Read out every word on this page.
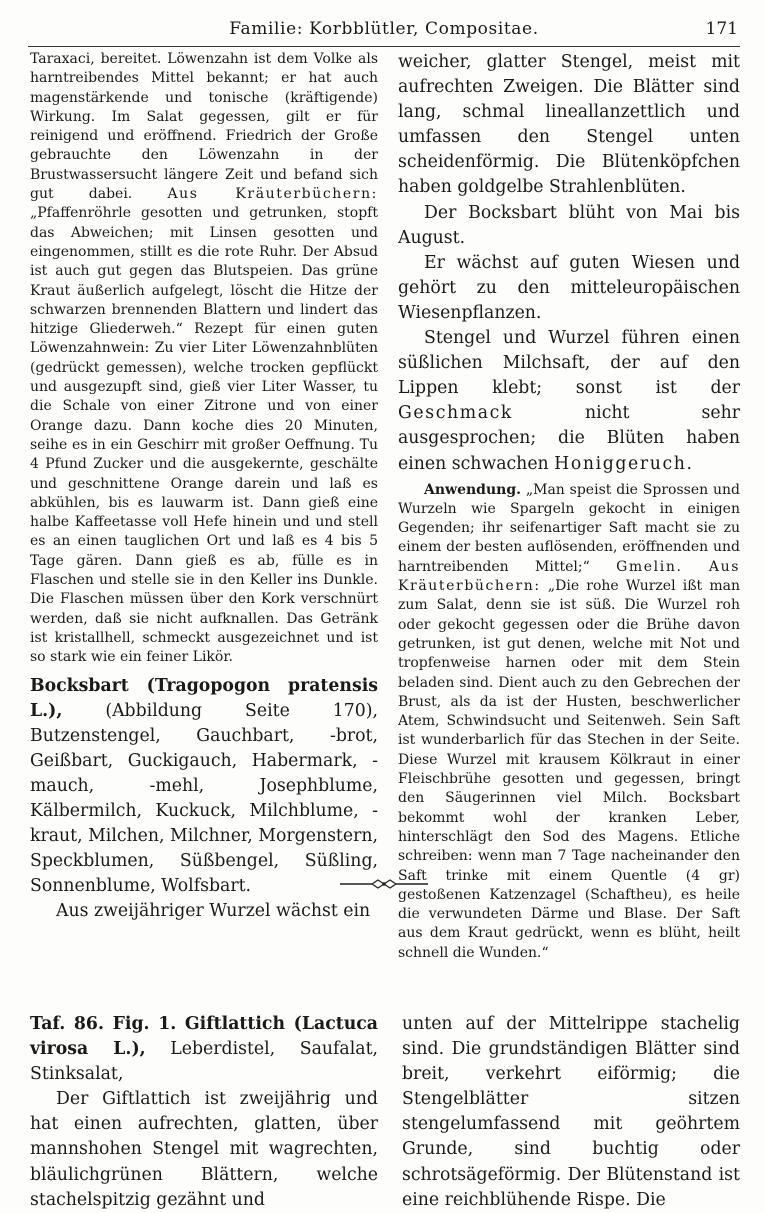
Familie: Korbblütler, Compositae.	171

Taraxaci, bereitet. Löwenzahn ist dem Volke als harntreibendes Mittel bekannt; er hat auch magenstärkende und tonische (kräftigende) Wirkung. Im Salat gegessen, gilt er für reinigend und eröffnend. Friedrich der Große gebrauchte den Löwenzahn in der Brustwassersucht längere Zeit und befand sich gut dabei.	Aus Kräuterbüchern: „Pfaffenröhrle gesotten und getrunken, stopft das Abweichen; mit Linsen gesotten und eingenommen, stillt es die rote Ruhr. Der Absud ist auch gut gegen das Blutspeien. Das grüne Kraut äußerlich aufgelegt, löscht die Hitze der schwarzen brennenden Blattern und lindert das hitzige Gliederweh.“ Rezept für einen guten Löwenzahnwein: Zu vier Liter Löwenzahnblüten (gedrückt gemessen), welche trocken gepflückt und ausgezupft sind, gieß vier Liter Wasser, tu die Schale von einer Zitrone und von einer Orange dazu. Dann koche dies 20 Minuten, seihe es in ein Geschirr mit großer Oeffnung. Tu 4 Pfund Zucker und die ausgekernte, geschälte und geschnittene Orange darein und laß es abkühlen, bis es lauwarm ist. Dann gieß eine halbe Kaffeetasse voll Hefe hinein und und stell es an einen tauglichen Ort und laß es 4 bis 5 Tage gären. Dann gieß es ab, fülle es in Flaschen und stelle sie in den Keller ins Dunkle. Die Flaschen müssen über den Kork verschnürt werden, daß sie nicht aufknallen. Das Getränk ist kristallhell, schmeckt ausgezeichnet und ist so stark wie ein feiner Likör.

Bocksbart (Tragopogon pratensis L.), (Abbildung Seite 170), Butzenstengel, Gauchbart, -brot, Geißbart, Guckigauch, Habermark, -mauch, -mehl, Josephblume, Kälbermilch, Kuckuck, Milchblume, -kraut, Milchen, Milchner, Morgenstern, Speckblumen, Süßbengel, Süßling, Sonnenblume, Wolfsbart.

Aus zweijähriger Wurzel wächst ein

weicher, glatter Stengel, meist mit aufrechten Zweigen. Die Blätter sind lang, schmal lineallanzettlich und umfassen den Stengel unten scheidenförmig. Die Blütenköpfchen haben goldgelbe Strahlenblüten.

Der Bocksbart blüht von Mai bis August.

Er wächst auf guten Wiesen und gehört zu den mitteleuropäischen Wiesenpflanzen.

Stengel und Wurzel führen einen süßlichen Milchsaft, der auf den Lippen klebt; sonst ist der Geschmack	nicht sehr ausgesprochen; die Blüten haben einen schwachen Honiggeruch.

Anwendung. „Man speist die Sprossen und Wurzeln wie Spargeln gekocht in einigen Gegenden; ihr seifenartiger Saft macht sie zu einem der besten auflösenden, eröffnenden und harntreibenden Mittel;“ Gmelin. Aus Kräuterbüchern: „Die rohe Wurzel ißt man zum Salat, denn sie ist süß. Die Wurzel roh oder gekocht gegessen oder die Brühe davon getrunken, ist gut denen, welche mit Not und tropfenweise harnen oder mit dem Stein beladen sind. Dient auch zu den Gebrechen der Brust, als da ist der Husten, beschwerlicher Atem, Schwindsucht und Seitenweh. Sein Saft ist wunderbarlich für das Stechen in der Seite. Diese Wurzel mit krausem Kölkraut in einer Fleischbrühe gesotten und gegessen, bringt den Säugerinnen viel Milch. Bocksbart bekommt wohl der kranken Leber, hinterschlägt den Sod des Magens. Etliche schreiben: wenn man 7 Tage nacheinander den Saft trinke mit einem Quentle (4 gr) gestoßenen Katzenzagel (Schaftheu), es heile die verwundeten Därme und Blase. Der Saft aus dem Kraut gedrückt, wenn es blüht, heilt schnell die Wunden.“

Taf. 86. Fig. 1. Giftlattich (Lactuca virosa L.), Leberdistel, Saufalat, Stinksalat,

Der Giftlattich ist zweijährig und hat einen aufrechten, glatten, über mannshohen Stengel mit wagrechten, bläulichgrünen Blättern, welche stachelspitzig gezähnt und

unten auf der Mittelrippe stachelig sind. Die grundständigen Blätter sind breit, verkehrt eiförmig; die Stengelblätter sitzen stengelumfassend mit geöhrtem Grunde, sind buchtig oder schrotsägeförmig. Der Blütenstand ist eine reichblühende Rispe. Die
